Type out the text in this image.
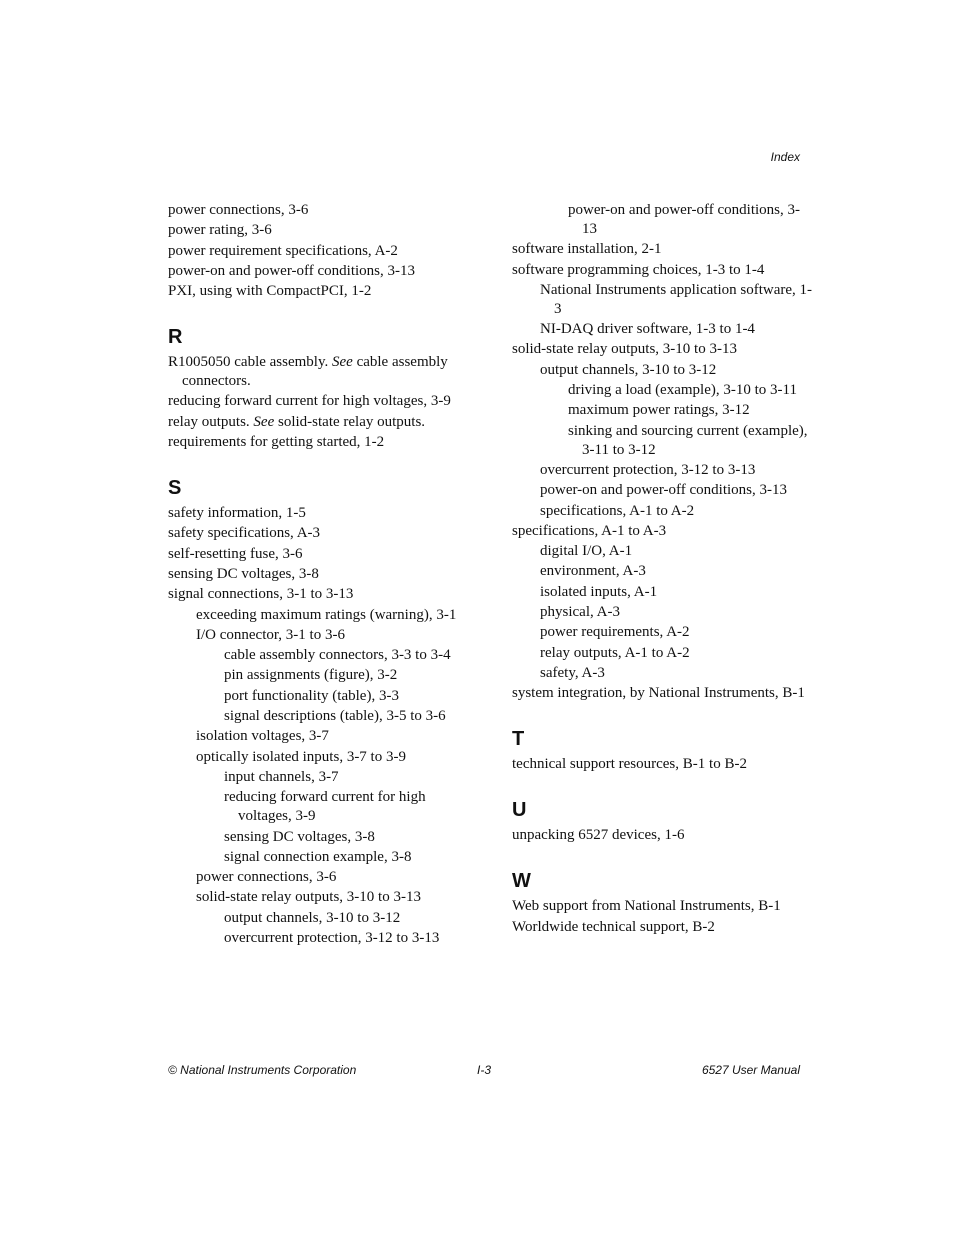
Index
power connections, 3-6
power rating, 3-6
power requirement specifications, A-2
power-on and power-off conditions, 3-13
PXI, using with CompactPCI, 1-2
R
R1005050 cable assembly. See cable assembly connectors.
reducing forward current for high voltages, 3-9
relay outputs. See solid-state relay outputs.
requirements for getting started, 1-2
S
safety information, 1-5
safety specifications, A-3
self-resetting fuse, 3-6
sensing DC voltages, 3-8
signal connections, 3-1 to 3-13
exceeding maximum ratings (warning), 3-1
I/O connector, 3-1 to 3-6
cable assembly connectors, 3-3 to 3-4
pin assignments (figure), 3-2
port functionality (table), 3-3
signal descriptions (table), 3-5 to 3-6
isolation voltages, 3-7
optically isolated inputs, 3-7 to 3-9
input channels, 3-7
reducing forward current for high voltages, 3-9
sensing DC voltages, 3-8
signal connection example, 3-8
power connections, 3-6
solid-state relay outputs, 3-10 to 3-13
output channels, 3-10 to 3-12
overcurrent protection, 3-12 to 3-13
power-on and power-off conditions, 3-13
software installation, 2-1
software programming choices, 1-3 to 1-4
National Instruments application software, 1-3
NI-DAQ driver software, 1-3 to 1-4
solid-state relay outputs, 3-10 to 3-13
output channels, 3-10 to 3-12
driving a load (example), 3-10 to 3-11
maximum power ratings, 3-12
sinking and sourcing current (example), 3-11 to 3-12
overcurrent protection, 3-12 to 3-13
power-on and power-off conditions, 3-13
specifications, A-1 to A-2
specifications, A-1 to A-3
digital I/O, A-1
environment, A-3
isolated inputs, A-1
physical, A-3
power requirements, A-2
relay outputs, A-1 to A-2
safety, A-3
system integration, by National Instruments, B-1
T
technical support resources, B-1 to B-2
U
unpacking 6527 devices, 1-6
W
Web support from National Instruments, B-1
Worldwide technical support, B-2
© National Instruments Corporation	I-3	6527 User Manual
